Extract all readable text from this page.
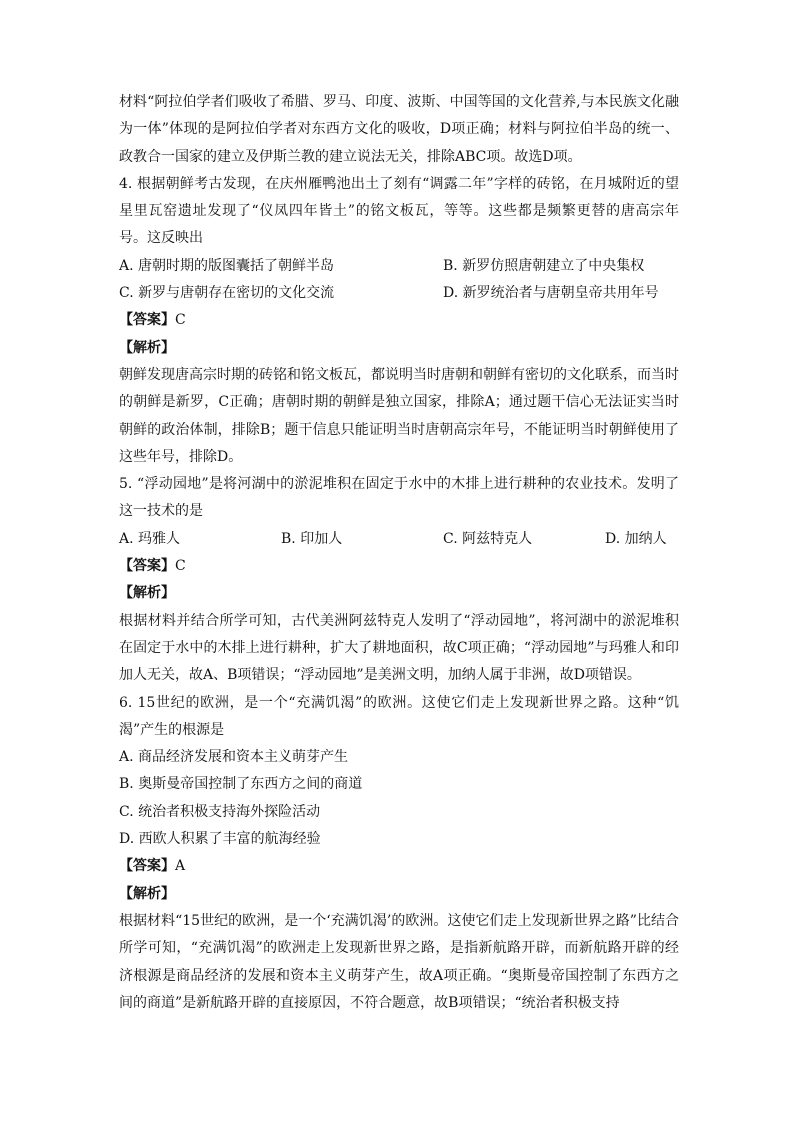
材料“阿拉伯学者们吸收了希腊、罗马、印度、波斯、中国等国的文化营养,与本民族文化融为一体”体现的是阿拉伯学者对东西方文化的吸收，D项正确；材料与阿拉伯半岛的统一、政教合一国家的建立及伊斯兰教的建立说法无关，排除ABC项。故选D项。

4. 根据朝鲜考古发现，在庆州雁鸭池出土了刻有“调露二年”字样的砖铭，在月城附近的望星里瓦窑遗址发现了“仪凤四年皆土”的铭文板瓦，等等。这些都是频繁更替的唐高宗年号。这反映出

A. 唐朝时期的版图囊括了朝鲜半岛	B. 新罗仿照唐朝建立了中央集权
C. 新罗与唐朝存在密切的文化交流	D. 新罗统治者与唐朝皇帝共用年号

【答案】C

【解析】

朝鲜发现唐高宗时期的砖铭和铭文板瓦，都说明当时唐朝和朝鲜有密切的文化联系，而当时的朝鲜是新罗，C正确；唐朝时期的朝鲜是独立国家，排除A；通过题干信心无法证实当时朝鲜的政治体制，排除B；题干信息只能证明当时唐朝高宗年号，不能证明当时朝鲜使用了这些年号，排除D。

5. “浮动园地”是将河湖中的淤泥堆积在固定于水中的木排上进行耕种的农业技术。发明了这一技术的是

A. 玛雅人	B. 印加人	C. 阿兹特克人	D. 加纳人

【答案】C

【解析】

根据材料并结合所学可知，古代美洲阿兹特克人发明了“浮动园地”，将河湖中的淤泥堆积在固定于水中的木排上进行耕种，扩大了耕地面积，故C项正确；“浮动园地”与玛雅人和印加人无关，故A、B项错误；“浮动园地”是美洲文明，加纳人属于非洲，故D项错误。

6. 15世纪的欧洲，是一个“充满饥渴”的欧洲。这使它们走上发现新世界之路。这种“饥渴”产生的根源是

A. 商品经济发展和资本主义萌芽产生

B. 奥斯曼帝国控制了东西方之间的商道

C. 统治者积极支持海外探险活动

D. 西欧人积累了丰富的航海经验

【答案】A

【解析】

根据材料“15世纪的欧洲，是一个‘充满饥渴’的欧洲。这使它们走上发现新世界之路”比结合所学可知，“充满饥渴”的欧洲走上发现新世界之路，是指新航路开辟，而新航路开辟的经济根源是商品经济的发展和资本主义萌芽产生，故A项正确。“奥斯曼帝国控制了东西方之间的商道”是新航路开辟的直接原因，不符合题意，故B项错误；“统治者积极支持
